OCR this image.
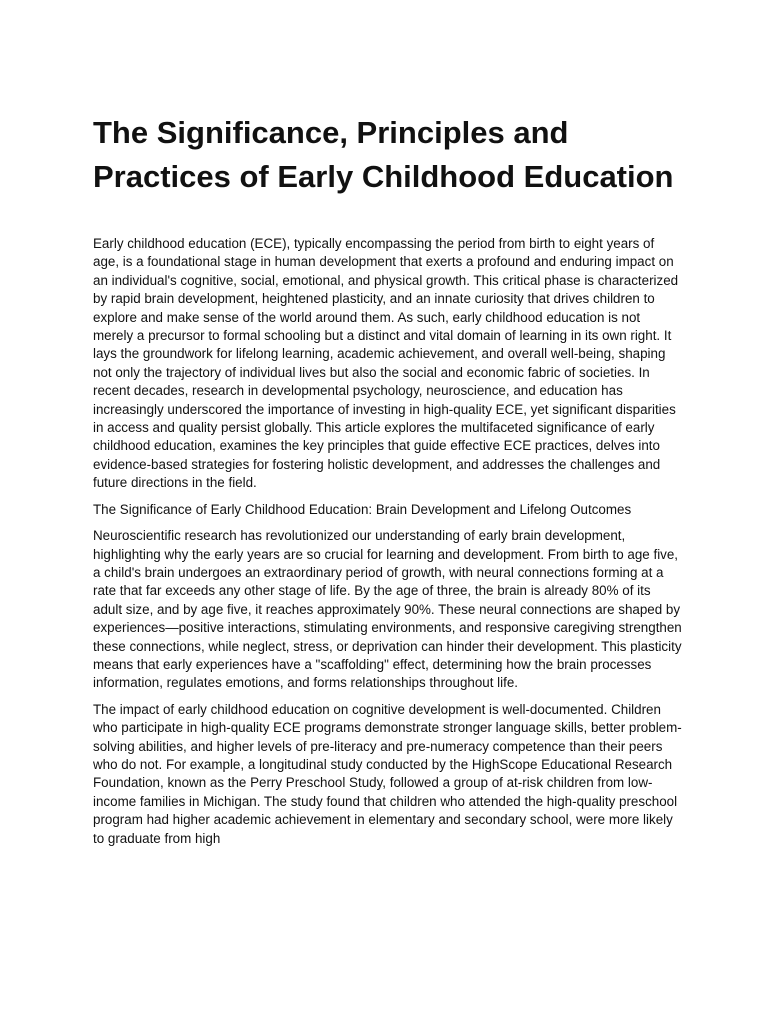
The Significance, Principles and Practices of Early Childhood Education

Early childhood education (ECE), typically encompassing the period from birth to eight years of age, is a foundational stage in human development that exerts a profound and enduring impact on an individual's cognitive, social, emotional, and physical growth. This critical phase is characterized by rapid brain development, heightened plasticity, and an innate curiosity that drives children to explore and make sense of the world around them. As such, early childhood education is not merely a precursor to formal schooling but a distinct and vital domain of learning in its own right. It lays the groundwork for lifelong learning, academic achievement, and overall well-being, shaping not only the trajectory of individual lives but also the social and economic fabric of societies. In recent decades, research in developmental psychology, neuroscience, and education has increasingly underscored the importance of investing in high-quality ECE, yet significant disparities in access and quality persist globally. This article explores the multifaceted significance of early childhood education, examines the key principles that guide effective ECE practices, delves into evidence-based strategies for fostering holistic development, and addresses the challenges and future directions in the field.

The Significance of Early Childhood Education: Brain Development and Lifelong Outcomes

Neuroscientific research has revolutionized our understanding of early brain development, highlighting why the early years are so crucial for learning and development. From birth to age five, a child's brain undergoes an extraordinary period of growth, with neural connections forming at a rate that far exceeds any other stage of life. By the age of three, the brain is already 80% of its adult size, and by age five, it reaches approximately 90%. These neural connections are shaped by experiences—positive interactions, stimulating environments, and responsive caregiving strengthen these connections, while neglect, stress, or deprivation can hinder their development. This plasticity means that early experiences have a "scaffolding" effect, determining how the brain processes information, regulates emotions, and forms relationships throughout life.

The impact of early childhood education on cognitive development is well-documented. Children who participate in high-quality ECE programs demonstrate stronger language skills, better problem-solving abilities, and higher levels of pre-literacy and pre-numeracy competence than their peers who do not. For example, a longitudinal study conducted by the HighScope Educational Research Foundation, known as the Perry Preschool Study, followed a group of at-risk children from low-income families in Michigan. The study found that children who attended the high-quality preschool program had higher academic achievement in elementary and secondary school, were more likely to graduate from high
